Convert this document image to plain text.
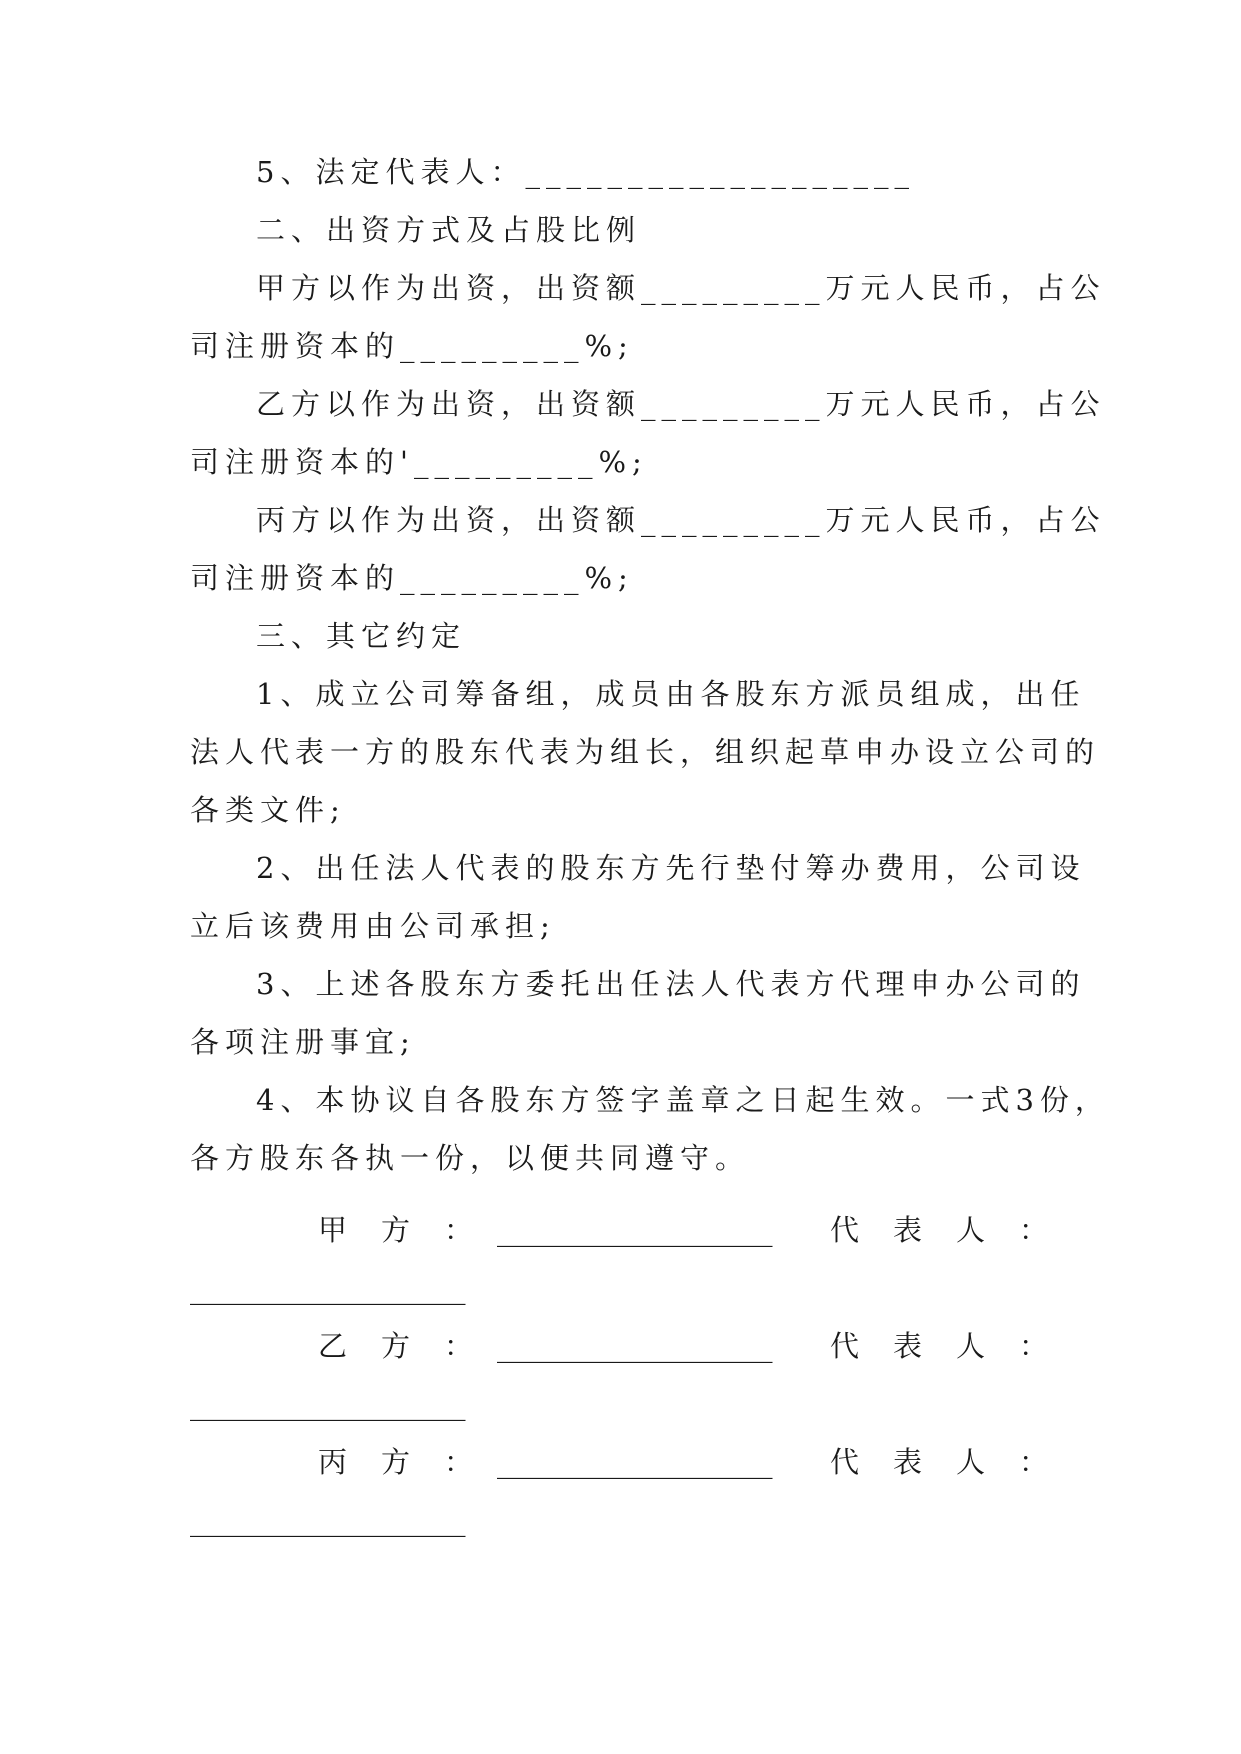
5、法定代表人：___________________
二、出资方式及占股比例
甲方以作为出资，出资额_________万元人民币，占公
司注册资本的_________%;
乙方以作为出资，出资额_________万元人民币，占公
司注册资本的'_________%;
丙方以作为出资，出资额_________万元人民币，占公
司注册资本的_________%;
三、其它约定
1、成立公司筹备组，成员由各股东方派员组成，出任
法人代表一方的股东代表为组长，组织起草申办设立公司的
各类文件;
2、出任法人代表的股东方先行垫付筹办费用，公司设
立后该费用由公司承担;
3、上述各股东方委托出任法人代表方代理申办公司的
各项注册事宜;
4、本协议自各股东方签字盖章之日起生效。一式3份，
各方股东各执一份，以便共同遵守。
甲方：
___________________ 代表人：
___________________
乙方：
___________________ 代表人：
___________________
丙方：
___________________ 代表人：
___________________
